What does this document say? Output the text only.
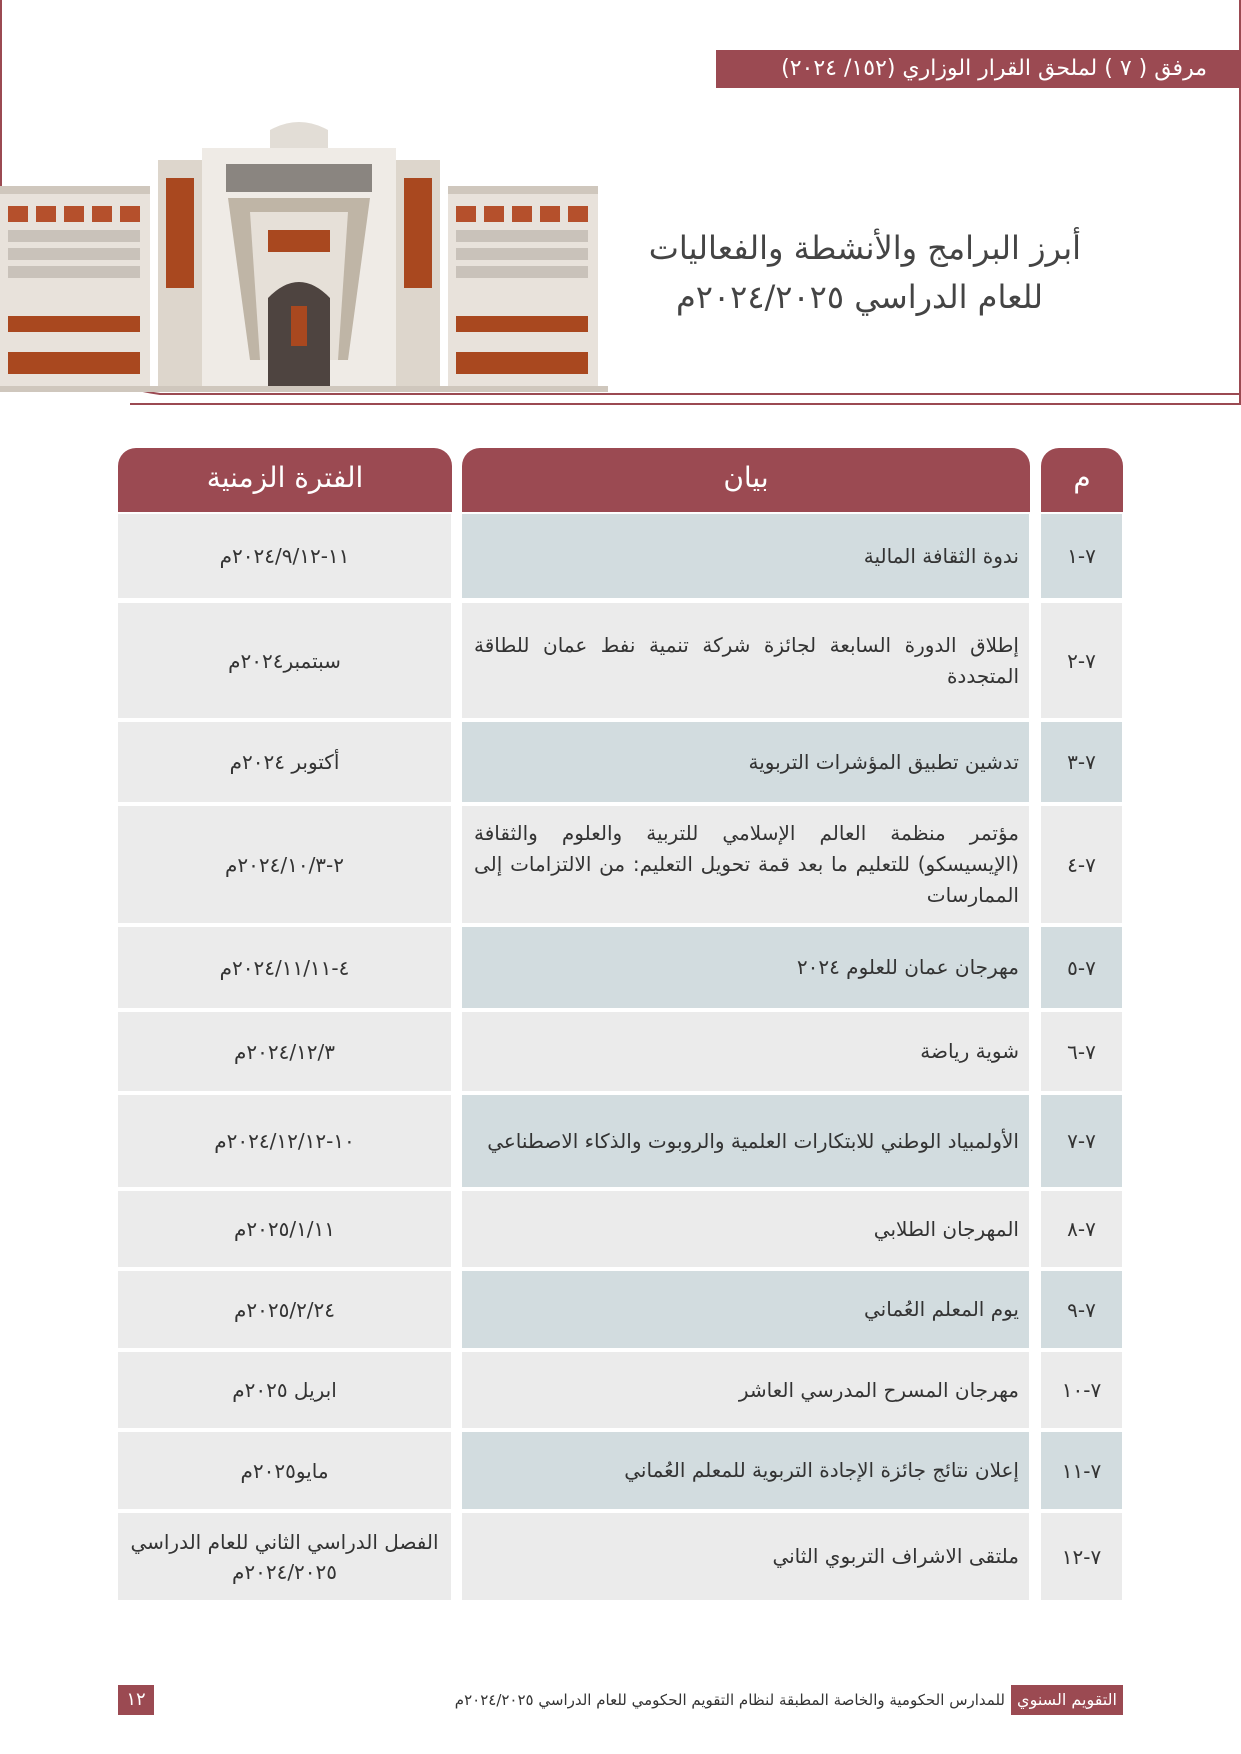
مرفق ( ٧ ) لملحق القرار الوزاري (١٥٢/ ٢٠٢٤)
أبرز البرامج والأنشطة والفعاليات
للعام الدراسي ٢٠٢٤/٢٠٢٥م
م
بيان
الفترة الزمنية
٧-١
ندوة الثقافة المالية
١١-٢٠٢٤/٩/١٢م
٧-٢
إطلاق الدورة السابعة لجائزة شركة تنمية نفط عمان للطاقة المتجددة
سبتمبر٢٠٢٤م
٧-٣
تدشين تطبيق المؤشرات التربوية
أكتوبر ٢٠٢٤م
٧-٤
مؤتمر منظمة العالم الإسلامي للتربية والعلوم والثقافة (الإيسيسكو) للتعليم ما بعد قمة تحويل التعليم: من الالتزامات إلى الممارسات
٢-٢٠٢٤/١٠/٣م
٧-٥
مهرجان عمان للعلوم ٢٠٢٤
٤-٢٠٢٤/١١/١١م
٧-٦
شوية رياضة
٢٠٢٤/١٢/٣م
٧-٧
الأولمبياد الوطني للابتكارات العلمية والروبوت والذكاء الاصطناعي
١٠-٢٠٢٤/١٢/١٢م
٧-٨
المهرجان الطلابي
٢٠٢٥/١/١١م
٧-٩
يوم المعلم العُماني
٢٠٢٥/٢/٢٤م
٧-١٠
مهرجان المسرح المدرسي العاشر
ابريل ٢٠٢٥م
٧-١١
إعلان نتائج جائزة الإجادة التربوية للمعلم العُماني
مايو٢٠٢٥م
٧-١٢
ملتقى الاشراف التربوي الثاني
الفصل الدراسي الثاني للعام الدراسي ٢٠٢٤/٢٠٢٥م
١٢	التقويم السنوي
للمدارس الحكومية والخاصة المطبقة لنظام التقويم الحكومي للعام الدراسي ٢٠٢٤/٢٠٢٥م
